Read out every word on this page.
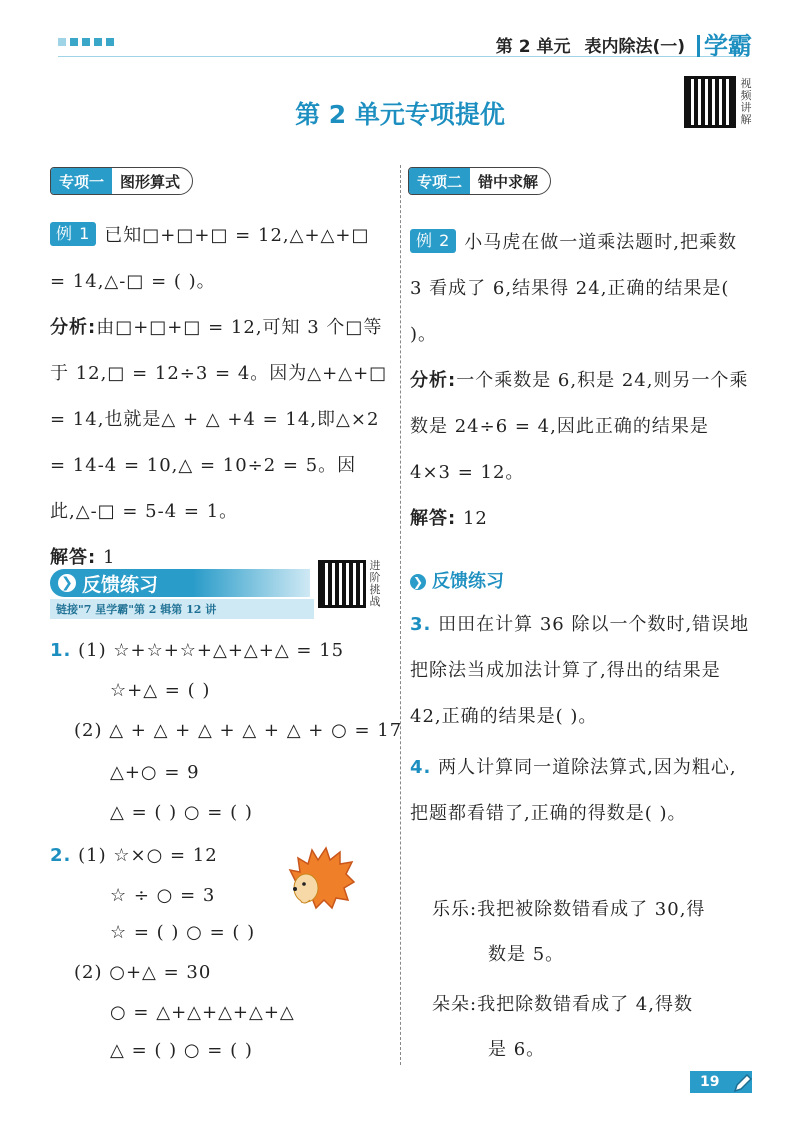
第 2 单元 表内除法(一) 学霸
视频讲解
第 2 单元专项提优
专项一	图形算式	专项二	错中求解
例 1 已知□+□+□ = 12,△+△+□ = 14,△-□ = ( )。
分析:由□+□+□ = 12,可知 3 个□等于 12,□ = 12÷3 = 4。因为△+△+□ = 14,也就是△ + △ +4 = 14,即△×2 = 14-4 = 10,△ = 10÷2 = 5。因此,△-□ = 5-4 = 1。
解答: 1
例 2 小马虎在做一道乘法题时,把乘数 3 看成了 6,结果得 24,正确的结果是( )。
分析:一个乘数是 6,积是 24,则另一个乘数是 24÷6 = 4,因此正确的结果是 4×3 = 12。
解答: 12
❯ 反馈练习
链接"7 星学霸"第 2 辑第 12 讲
进阶挑战
1. (1) ☆+☆+☆+△+△+△ = 15
☆+△ = ( )
(2) △ + △ + △ + △ + △ + ○ = 17
△+○ = 9
△ = ( ) ○ = ( )
2. (1) ☆×○ = 12
☆ ÷ ○ = 3
☆ = ( ) ○ = ( )
(2) ○+△ = 30
○ = △+△+△+△+△
△ = ( ) ○ = ( )
❯ 反馈练习
3. 田田在计算 36 除以一个数时,错误地把除法当成加法计算了,得出的结果是 42,正确的结果是( )。
4. 两人计算同一道除法算式,因为粗心,把题都看错了,正确的得数是( )。
乐乐:我把被除数错看成了 30,得
数是 5。
朵朵:我把除数错看成了 4,得数
是 6。
19
